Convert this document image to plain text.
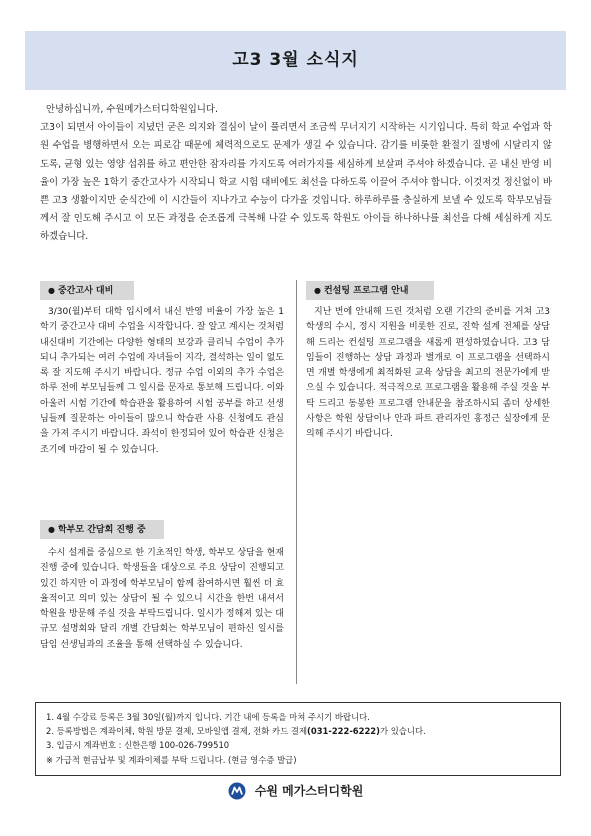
고3 3월 소식지

안녕하십니까, 수원메가스터디학원입니다.

고3이 되면서 아이들이 지녔던 굳은 의지와 결심이 날이 풀리면서 조금씩 무너지기 시작하는 시기입니다. 특히 학교 수업과 학원 수업을 병행하면서 오는 피로감 때문에 체력적으로도 문제가 생길 수 있습니다. 감기를 비롯한 환절기 질병에 시달리지 않도록, 균형 있는 영양 섭취를 하고 편안한 잠자리를 가지도록 여러가지를 세심하게 보살펴 주셔야 하겠습니다. 곧 내신 반영 비율이 가장 높은 1학기 중간고사가 시작되니 학교 시험 대비에도 최선을 다하도록 이끌어 주셔야 합니다. 이것저것 정신없이 바쁜 고3 생활이지만 순식간에 이 시간들이 지나가고 수능이 다가올 것입니다. 하루하루를 충실하게 보낼 수 있도록 학부모님들께서 잘 인도해 주시고 이 모든 과정을 순조롭게 극복해 나갈 수 있도록 학원도 아이들 하나하나를 최선을 다해 세심하게 지도하겠습니다.

● 중간고사 대비

3/30(월)부터 대학 입시에서 내신 반영 비율이 가장 높은 1학기 중간고사 대비 수업을 시작합니다. 잘 알고 계시는 것처럼 내신대비 기간에는 다양한 형태의 보강과 클리닉 수업이 추가되니 추가되는 여러 수업에 자녀들이 지각, 결석하는 일이 없도록 잘 지도해 주시기 바랍니다. 정규 수업 이외의 추가 수업은 하루 전에 부모님들께 그 일시를 문자로 통보해 드립니다. 이와 아울러 시험 기간에 학습관을 활용하여 시험 공부를 하고 선생님들께 질문하는 아이들이 많으니 학습관 사용 신청에도 관심을 가져 주시기 바랍니다. 좌석이 한정되어 있어 학습관 신청은 조기에 마감이 될 수 있습니다.

● 학부모 간담회 진행 중

수시 설계를 중심으로 한 기초적인 학생, 학부모 상담을 현재 진행 중에 있습니다. 학생들을 대상으로 주요 상담이 진행되고 있긴 하지만 이 과정에 학부모님이 함께 참여하시면 훨씬 더 효율적이고 의미 있는 상담이 될 수 있으니 시간을 한번 내셔서 학원을 방문해 주실 것을 부탁드립니다. 일시가 정해져 있는 대규모 설명회와 달리 개별 간담회는 학부모님이 편하신 일시를 담임 선생님과의 조율을 통해 선택하실 수 있습니다.

● 컨설팅 프로그램 안내

지난 번에 안내해 드린 것처럼 오랜 기간의 준비를 거쳐 고3 학생의 수시, 정시 지원을 비롯한 진로, 진학 설계 전체를 상담해 드리는 컨설팅 프로그램을 새롭게 편성하였습니다. 고3 담임들이 진행하는 상담 과정과 별개로 이 프로그램을 선택하시면 개별 학생에게 최적화된 교육 상담을 최고의 전문가에게 받으실 수 있습니다. 적극적으로 프로그램을 활용해 주실 것을 부탁 드리고 동봉한 프로그램 안내문을 참조하시되 좀더 상세한 사항은 학원 상담이나 안과 파트 관리자인 홍정근 실장에게 문의해 주시기 바랍니다.

1. 4월 수강료 등록은 3월 30일(월)까지 입니다. 기간 내에 등록을 마쳐 주시기 바랍니다.
2. 등록방법은 계좌이체, 학원 방문 결제, 모바일앱 결제, 전화 카드 결제(031-222-6222)가 있습니다.
3. 입금시 계좌번호 : 신한은행 100-026-799510
※ 가급적 현금납부 및 계좌이체를 부탁 드립니다. (현금 영수증 발급)
수원 메가스터디학원
